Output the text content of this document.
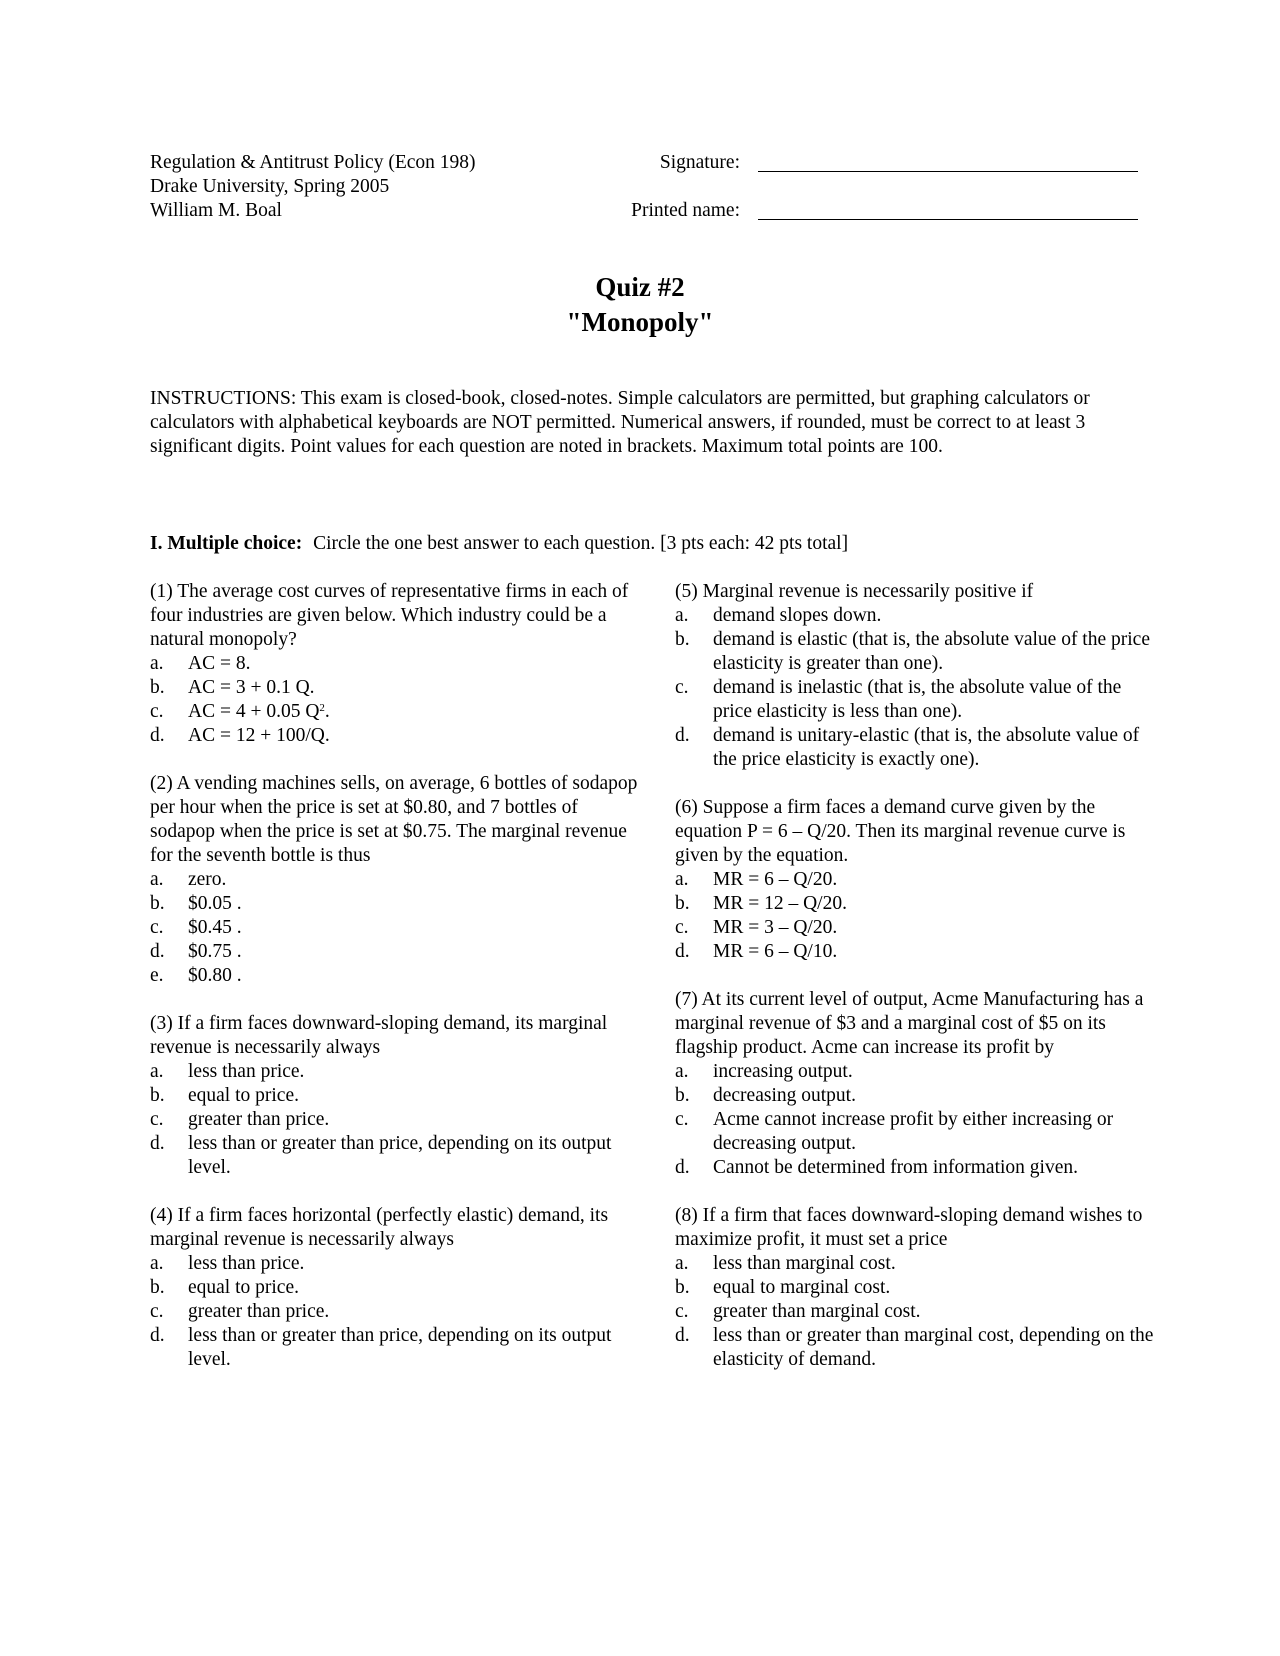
Regulation & Antitrust Policy (Econ 198)
Drake University, Spring 2005
William M. Boal
Signature:
Printed name:
Quiz #2
"Monopoly"
INSTRUCTIONS: This exam is closed-book, closed-notes. Simple calculators are permitted, but graphing calculators or calculators with alphabetical keyboards are NOT permitted. Numerical answers, if rounded, must be correct to at least 3 significant digits. Point values for each question are noted in brackets. Maximum total points are 100.
I. Multiple choice: Circle the one best answer to each question. [3 pts each: 42 pts total]
(1) The average cost curves of representative firms in each of four industries are given below. Which industry could be a natural monopoly?
a.	AC = 8.
b.	AC = 3 + 0.1 Q.
c.	AC = 4 + 0.05 $Q^2$.
d.	AC = 12 + 100/Q.
(2) A vending machines sells, on average, 6 bottles of sodapop per hour when the price is set at $0.80, and 7 bottles of sodapop when the price is set at $0.75. The marginal revenue for the seventh bottle is thus
a.	zero.
b.	$0.05 .
c.	$0.45 .
d.	$0.75 .
e.	$0.80 .
(3) If a firm faces downward-sloping demand, its marginal revenue is necessarily always
a.	less than price.
b.	equal to price.
c.	greater than price.
d.	less than or greater than price, depending on its output level.
(4) If a firm faces horizontal (perfectly elastic) demand, its marginal revenue is necessarily always
a.	less than price.
b.	equal to price.
c.	greater than price.
d.	less than or greater than price, depending on its output level.
(5) Marginal revenue is necessarily positive if
a.	demand slopes down.
b.	demand is elastic (that is, the absolute value of the price elasticity is greater than one).
c.	demand is inelastic (that is, the absolute value of the price elasticity is less than one).
d.	demand is unitary-elastic (that is, the absolute value of the price elasticity is exactly one).
(6) Suppose a firm faces a demand curve given by the equation P = 6 – Q/20. Then its marginal revenue curve is given by the equation.
a.	MR = 6 – Q/20.
b.	MR = 12 – Q/20.
c.	MR = 3 – Q/20.
d.	MR = 6 – Q/10.
(7) At its current level of output, Acme Manufacturing has a marginal revenue of $3 and a marginal cost of $5 on its flagship product. Acme can increase its profit by
a.	increasing output.
b.	decreasing output.
c.	Acme cannot increase profit by either increasing or decreasing output.
d.	Cannot be determined from information given.
(8) If a firm that faces downward-sloping demand wishes to maximize profit, it must set a price
a.	less than marginal cost.
b.	equal to marginal cost.
c.	greater than marginal cost.
d.	less than or greater than marginal cost, depending on the elasticity of demand.
